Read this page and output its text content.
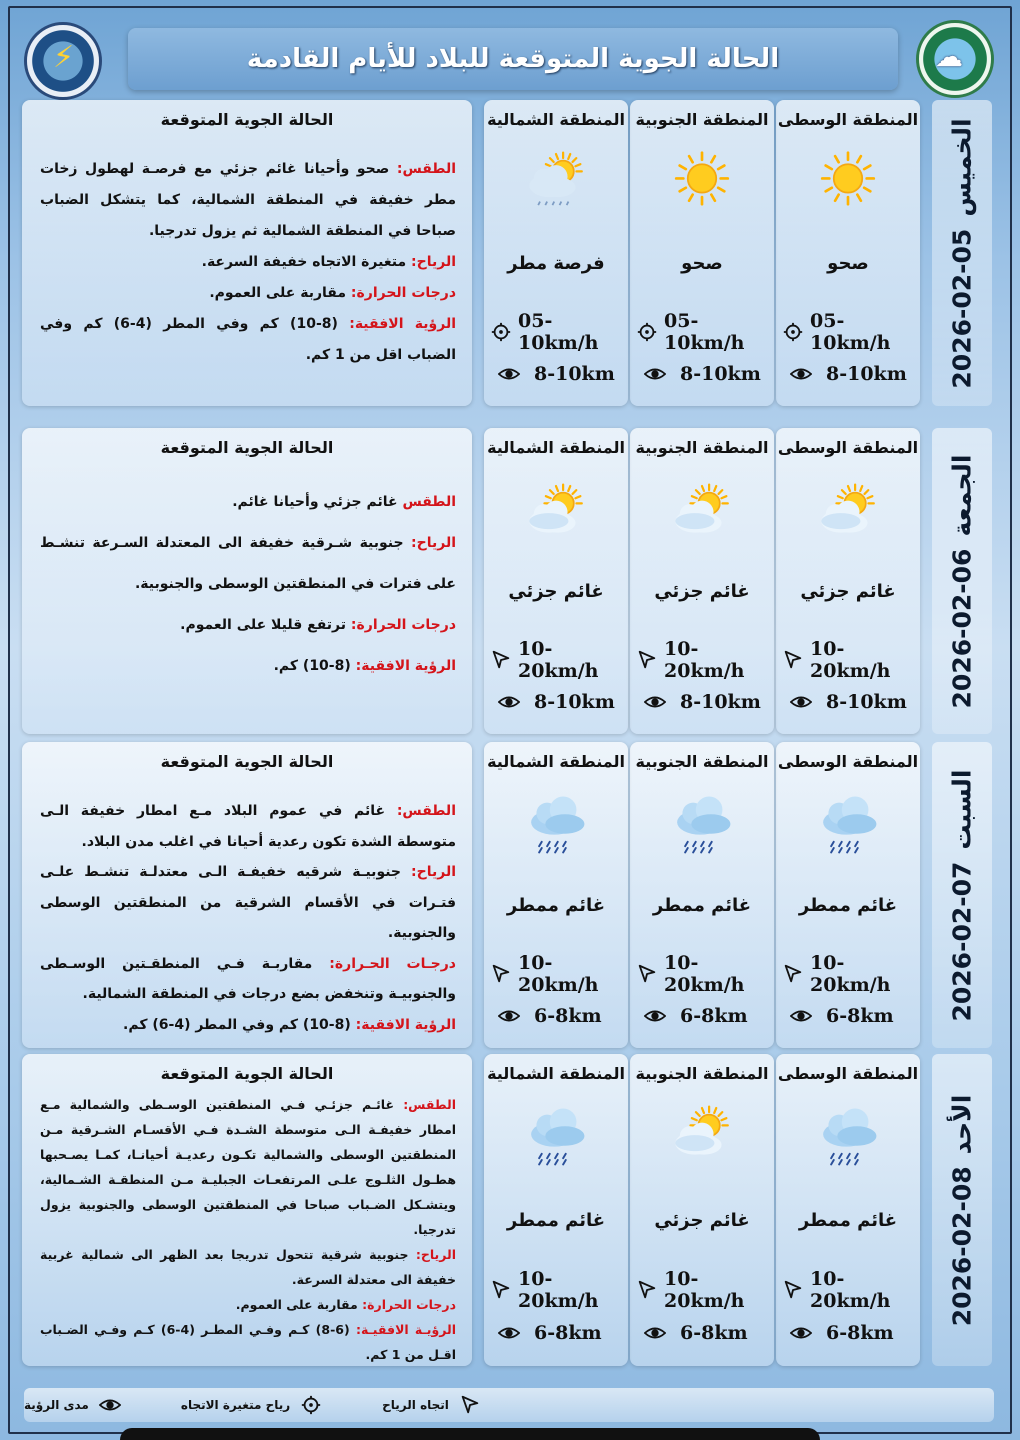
⚡	☁
الحالة الجوية المتوقعة للبلاد للأيام القادمة
2026-02-05
الخميس
المنطقة الوسطى
صحو
05-10km/h
8-10km
المنطقة الجنوبية
صحو
05-10km/h
8-10km
المنطقة الشمالية
فرصة مطر
05-10km/h
8-10km
الحالة الجوية المتوقعة

الطقس: صحو وأحيانا غائم جزئي مع فرصـة لهطول زخات مطر خفيفة في المنطقة الشمالية، كما يتشكل الضباب صباحا في المنطقة الشمالية ثم يزول تدرجيا.

الرياح: متغيرة الاتجاه خفيفة السرعة.

درجات الحرارة: مقاربة على العموم.

الرؤية الافقية: (8-10) كم وفي المطر (4-6) كم وفي الضباب اقل من 1 كم.

2026-02-06
الجمعة
المنطقة الوسطى
غائم جزئي
10-20km/h
8-10km
المنطقة الجنوبية
غائم جزئي
10-20km/h
8-10km
المنطقة الشمالية
غائم جزئي
10-20km/h
8-10km
الحالة الجوية المتوقعة

الطقس غائم جزئي وأحيانا غائم.

الرياح: جنوبية شـرقية خفيفة الى المعتدلة السـرعة تنشـط على فترات في المنطقتين الوسطى والجنوبية.

درجات الحرارة: ترتفع قليلا على العموم.

الرؤية الافقية: (8-10) كم.

2026-02-07
السبت
المنطقة الوسطى
غائم ممطر
10-20km/h
6-8km
المنطقة الجنوبية
غائم ممطر
10-20km/h
6-8km
المنطقة الشمالية
غائم ممطر
10-20km/h
6-8km
الحالة الجوية المتوقعة

الطقس: غائم في عموم البلاد مـع امطار خفيفة الـى متوسطة الشدة تكون رعدية أحيانا في اغلب مدن البلاد.

الرياح: جنوبيـة شرقيه خفيفـة الـى معتدلـة تنشـط علـى فتـرات في الأقسام الشرقية من المنطقتين الوسطى والجنوبية.

درجـات الحـرارة: مقاربـة فـي المنطقـتين الوسـطى والجنوبيـة وتنخفض بضع درجات في المنطقة الشمالية.

الرؤية الافقية: (8-10) كم وفي المطر (4-6) كم.

2026-02-08
الأحد
المنطقة الوسطى
غائم ممطر
10-20km/h
6-8km
المنطقة الجنوبية
غائم جزئي
10-20km/h
6-8km
المنطقة الشمالية
غائم ممطر
10-20km/h
6-8km
الحالة الجوية المتوقعة

الطقس: غائـم جزئـي فـي المنطقتين الوسـطى والشمالية مـع امطار خفيفـة الـى متوسطة الشـدة فـي الأقسـام الشـرقية مـن المنطقتين الوسطى والشمالية تكـون رعديـة أحيانـا، كمـا يصـحبها هطـول الثلـوج علـى المرتفعـات الجبليـة مـن المنطقـة الشـمالية، ويتشـكل الضـباب صباحا في المنطقتين الوسطى والجنوبية يزول تدرجيا.

الرياح: جنوبية شرقية تتحول تدريجا بعد الظهر الى شمالية غربية خفيفة الى معتدلة السرعة.

درجات الحرارة: مقاربة على العموم.

الرؤيـة الافقيـة: (6-8) كـم وفـي المطـر (4-6) كـم وفـي الضـباب اقـل من 1 كم.

اتجاه الرياح
رياح متغيرة الاتجاه
مدى الرؤية
